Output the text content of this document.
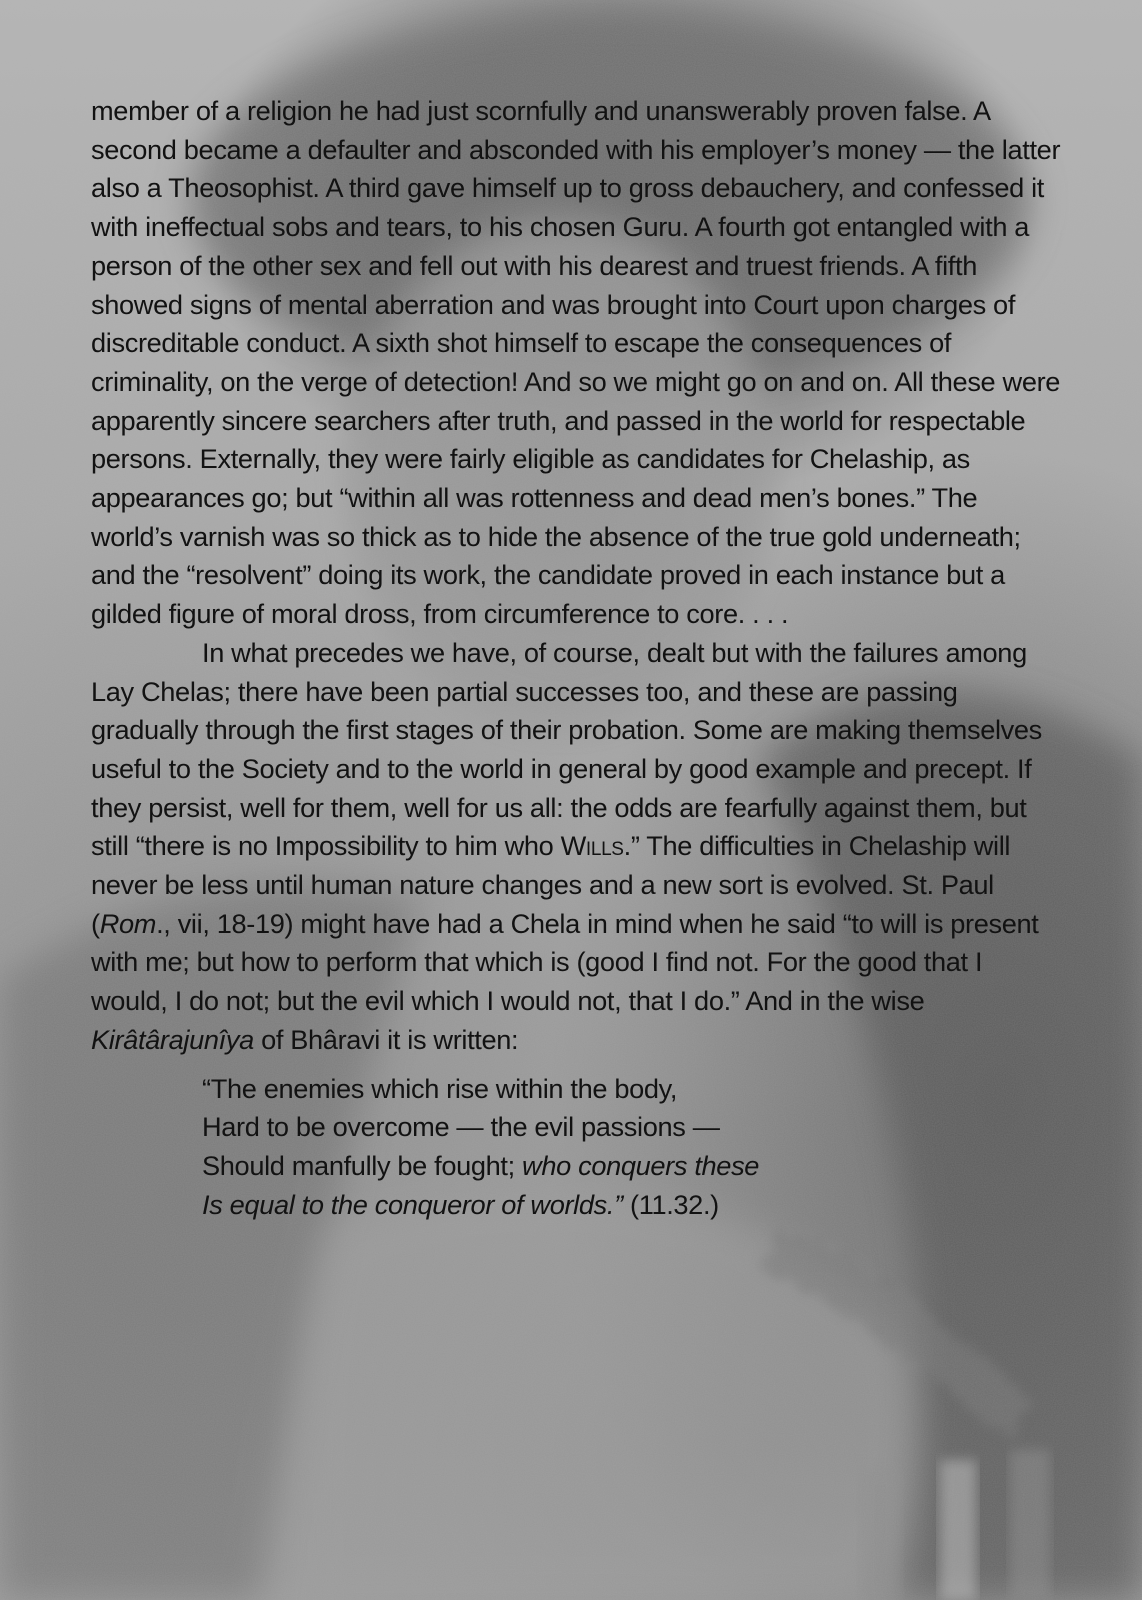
member of a religion he had just scornfully and unanswerably proven false. A second became a defaulter and absconded with his employer’s money — the latter also a Theosophist. A third gave himself up to gross debauchery, and confessed it with ineffectual sobs and tears, to his chosen Guru. A fourth got entangled with a person of the other sex and fell out with his dearest and truest friends. A fifth showed signs of mental aberration and was brought into Court upon charges of discreditable conduct. A sixth shot himself to escape the consequences of criminality, on the verge of detection! And so we might go on and on. All these were apparently sincere searchers after truth, and passed in the world for respectable persons. Externally, they were fairly eligible as candidates for Chelaship, as appearances go; but “within all was rottenness and dead men’s bones.” The world’s varnish was so thick as to hide the absence of the true gold underneath; and the “resolvent” doing its work, the candidate proved in each instance but a gilded figure of moral dross, from circumference to core. . . .

In what precedes we have, of course, dealt but with the failures among Lay Chelas; there have been partial successes too, and these are passing gradually through the first stages of their probation. Some are making themselves useful to the Society and to the world in general by good example and precept. If they persist, well for them, well for us all: the odds are fearfully against them, but still “there is no Impossibility to him who Wills.” The difficulties in Chelaship will never be less until human nature changes and a new sort is evolved. St. Paul (Rom., vii, 18-19) might have had a Chela in mind when he said “to will is present with me; but how to perform that which is (good I find not. For the good that I would, I do not; but the evil which I would not, that I do.” And in the wise Kirâtârajunîya of Bhâravi it is written:

“The enemies which rise within the body,
Hard to be overcome — the evil passions —
Should manfully be fought; who conquers these
Is equal to the conqueror of worlds.” (11.32.)
